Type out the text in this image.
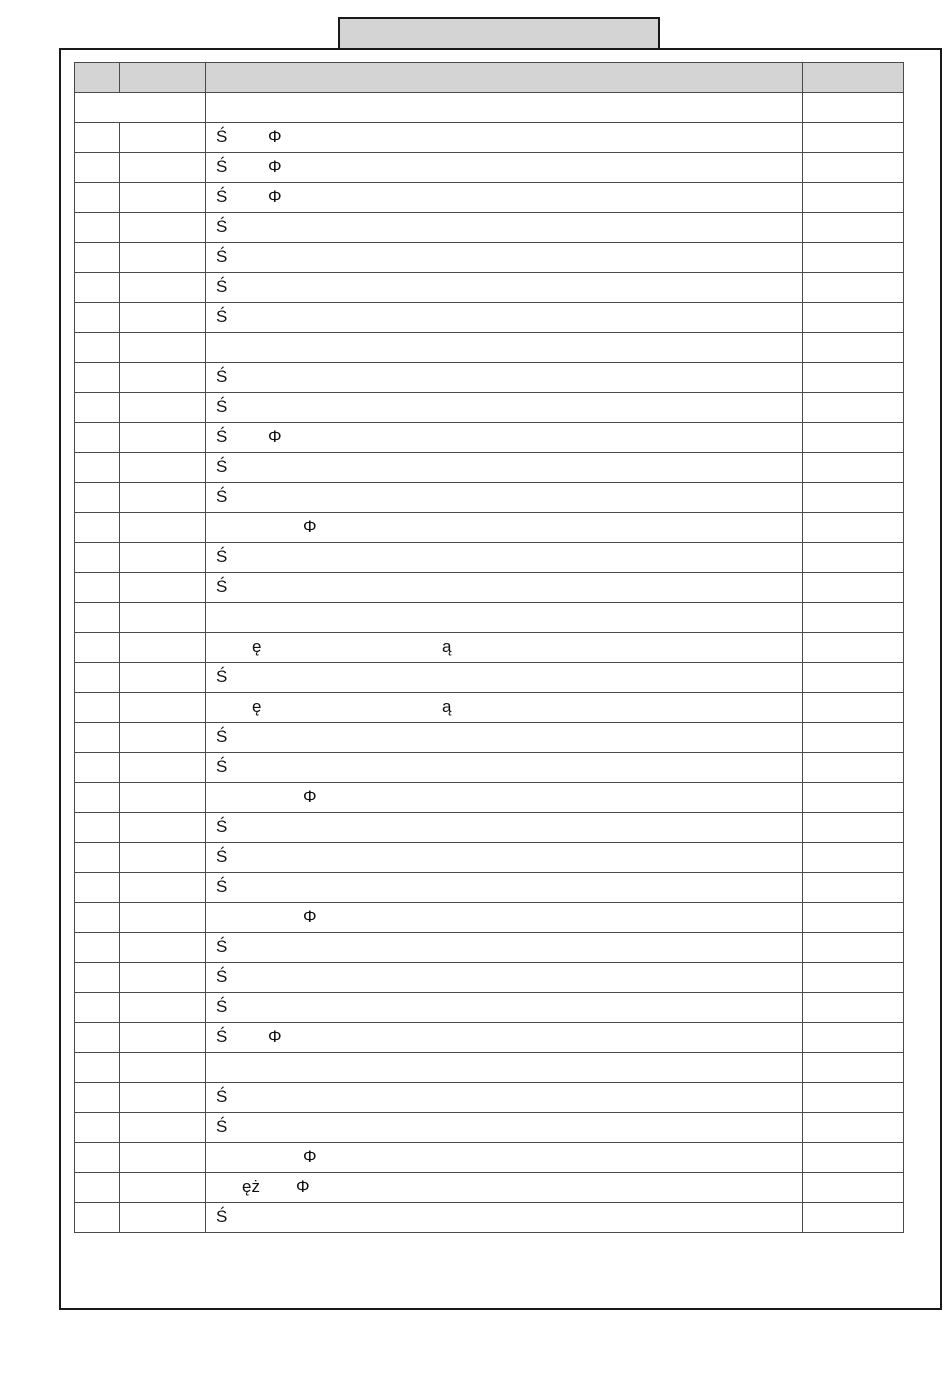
		Ś Φ	

		Ś Φ	

		Ś Φ	

		Ś	

		Ś	

		Ś	

		Ś	

		Ś	

		Ś	

		Ś Φ	

		Ś	

		Ś	

		Φ	

		Ś	

		Ś	

		ę ą	

		Ś	

		ę ą	

		Ś	

		Ś	

		Φ	

		Ś	

		Ś	

		Ś	

		Φ	

		Ś	

		Ś	

		Ś	

		Ś Φ	

		Ś	

		Ś	

		Φ	

		ęż Φ	

		Ś	
